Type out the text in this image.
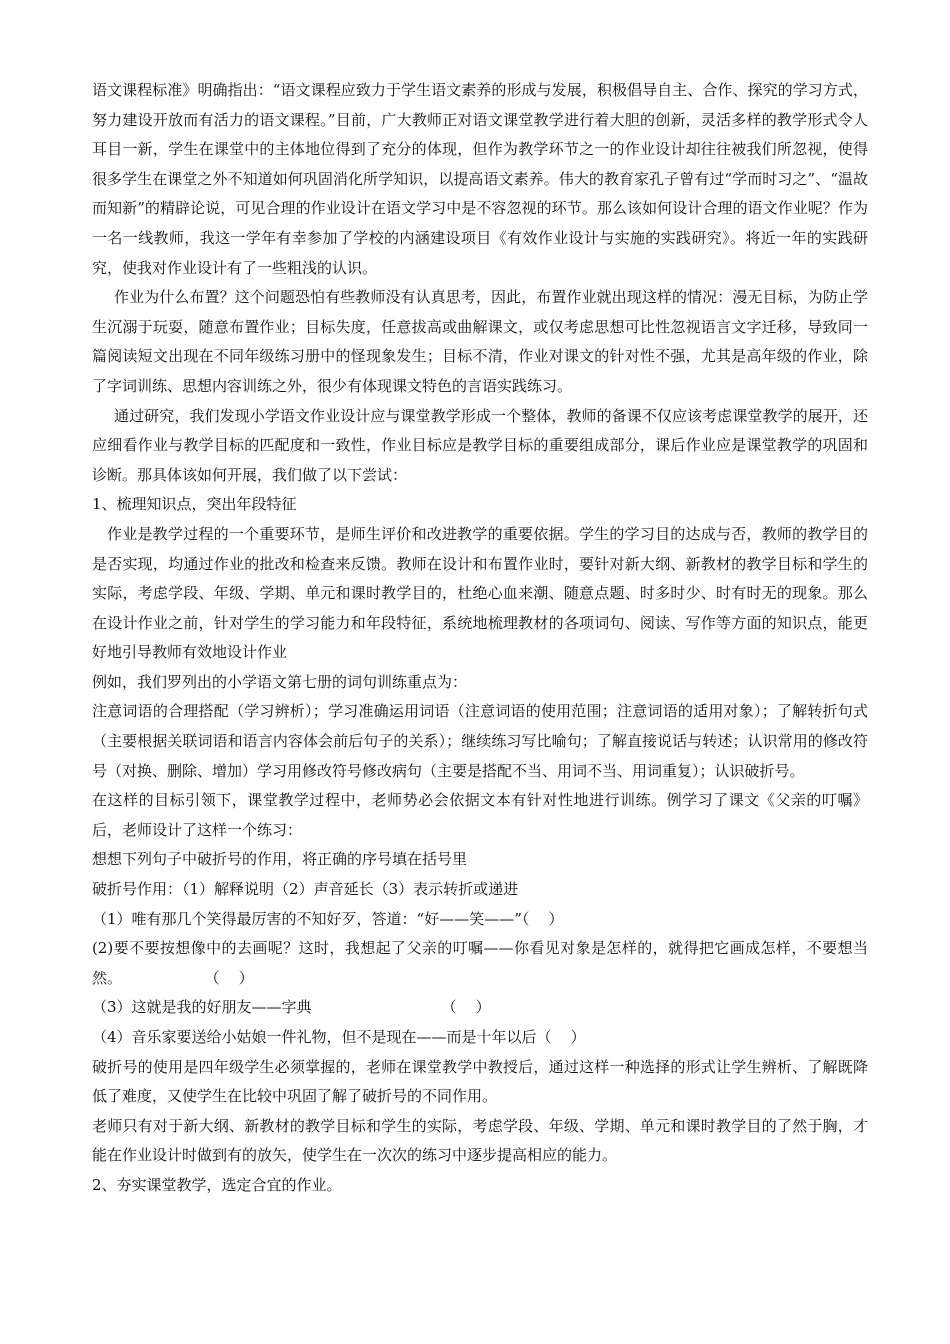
语文课程标准》明确指出：“语文课程应致力于学生语文素养的形成与发展，积极倡导自主、合作、探究的学习方式，努力建设开放而有活力的语文课程。”目前，广大教师正对语文课堂教学进行着大胆的创新，灵活多样的教学形式令人耳目一新，学生在课堂中的主体地位得到了充分的体现，但作为教学环节之一的作业设计却往往被我们所忽视，使得很多学生在课堂之外不知道如何巩固消化所学知识，以提高语文素养。伟大的教育家孔子曾有过“学而时习之”、“温故而知新”的精辟论说，可见合理的作业设计在语文学习中是不容忽视的环节。那么该如何设计合理的语文作业呢？作为一名一线教师，我这一学年有幸参加了学校的内涵建设项目《有效作业设计与实施的实践研究》。将近一年的实践研究，使我对作业设计有了一些粗浅的认识。

作业为什么布置？这个问题恐怕有些教师没有认真思考，因此，布置作业就出现这样的情况：漫无目标，为防止学生沉溺于玩耍，随意布置作业；目标失度，任意拔高或曲解课文，或仅考虑思想可比性忽视语言文字迁移，导致同一篇阅读短文出现在不同年级练习册中的怪现象发生；目标不清，作业对课文的针对性不强，尤其是高年级的作业，除了字词训练、思想内容训练之外，很少有体现课文特色的言语实践练习。

通过研究，我们发现小学语文作业设计应与课堂教学形成一个整体，教师的备课不仅应该考虑课堂教学的展开，还应细看作业与教学目标的匹配度和一致性，作业目标应是教学目标的重要组成部分，课后作业应是课堂教学的巩固和诊断。那具体该如何开展，我们做了以下尝试：

1、梳理知识点，突出年段特征

作业是教学过程的一个重要环节，是师生评价和改进教学的重要依据。学生的学习目的达成与否，教师的教学目的是否实现，均通过作业的批改和检查来反馈。教师在设计和布置作业时，要针对新大纲、新教材的教学目标和学生的实际，考虑学段、年级、学期、单元和课时教学目的，杜绝心血来潮、随意点题、时多时少、时有时无的现象。那么在设计作业之前，针对学生的学习能力和年段特征，系统地梳理教材的各项词句、阅读、写作等方面的知识点，能更好地引导教师有效地设计作业

例如，我们罗列出的小学语文第七册的词句训练重点为：

注意词语的合理搭配（学习辨析）；学习准确运用词语（注意词语的使用范围；注意词语的适用对象）；了解转折句式（主要根据关联词语和语言内容体会前后句子的关系）；继续练习写比喻句；了解直接说话与转述；认识常用的修改符号（对换、删除、增加）学习用修改符号修改病句（主要是搭配不当、用词不当、用词重复）；认识破折号。

在这样的目标引领下，课堂教学过程中，老师势必会依据文本有针对性地进行训练。例学习了课文《父亲的叮嘱》后，老师设计了这样一个练习：

想想下列句子中破折号的作用，将正确的序号填在括号里

破折号作用：（1）解释说明（2）声音延长（3）表示转折或递进

（1）唯有那几个笑得最厉害的不知好歹，答道：“好——笑——”（    ）

(2)要不要按想像中的去画呢？这时，我想起了父亲的叮嘱——你看见对象是怎样的，就得把它画成怎样，不要想当然。	（    ）

（3）这就是我的好朋友——字典	（    ）

（4）音乐家要送给小姑娘一件礼物，但不是现在——而是十年以后（    ）

破折号的使用是四年级学生必须掌握的，老师在课堂教学中教授后，通过这样一种选择的形式让学生辨析、了解既降低了难度，又使学生在比较中巩固了解了破折号的不同作用。

老师只有对于新大纲、新教材的教学目标和学生的实际，考虑学段、年级、学期、单元和课时教学目的了然于胸，才能在作业设计时做到有的放矢，使学生在一次次的练习中逐步提高相应的能力。

2、夯实课堂教学，选定合宜的作业。
